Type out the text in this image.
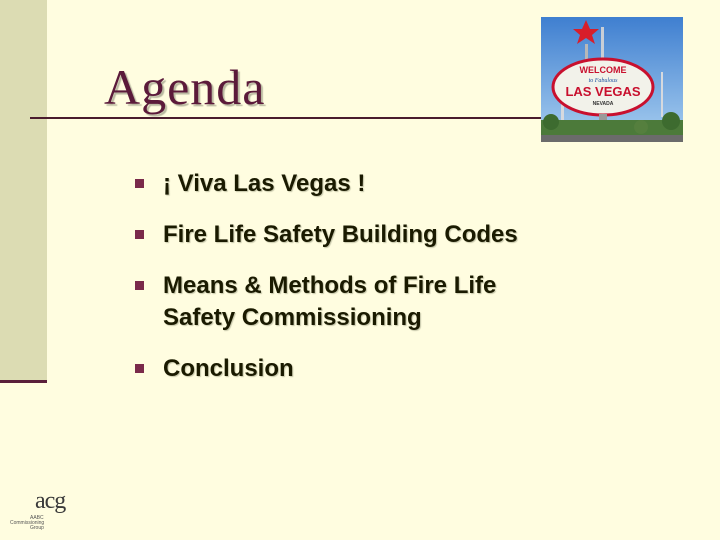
Agenda	WELCOME
to Fabulous
LAS VEGAS
NEVADA
¡ Viva Las Vegas !
Fire Life Safety Building Codes
Means & Methods of Fire Life Safety Commissioning
Conclusion
acg
AABC
Commissioning
Group
